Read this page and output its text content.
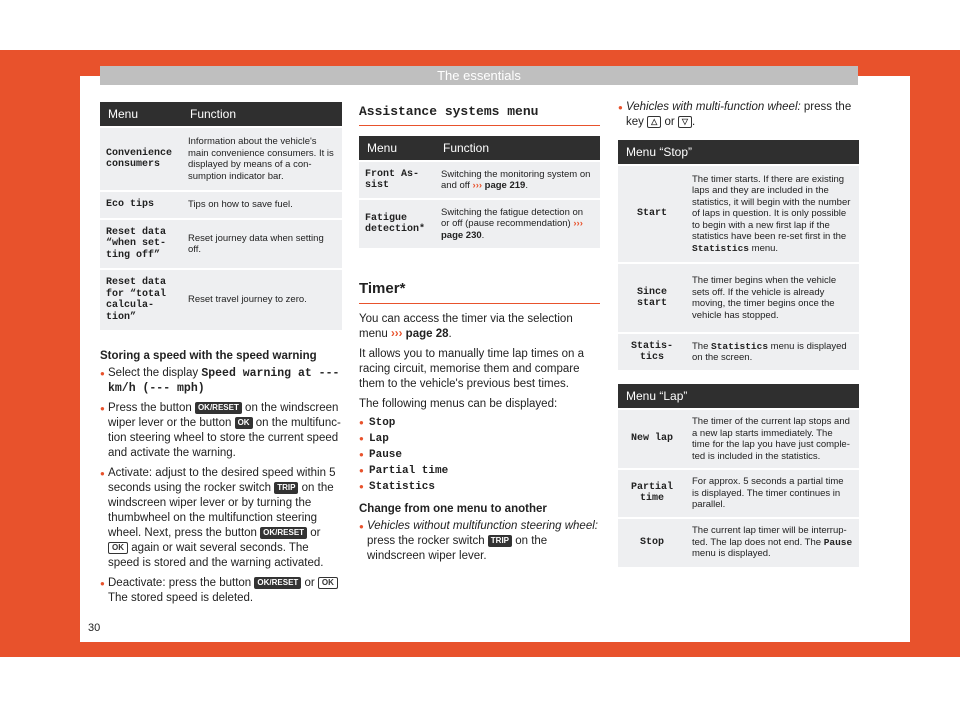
The essentials
Menu	Function
Convenience consumers	Information about the vehicle's main convenience consumers. It is displayed by means of a con-sumption indicator bar.
Eco tips	Tips on how to save fuel.
Reset data “when set-ting off”	Reset journey data when setting off.
Reset data for “total calcula-tion”	Reset travel journey to zero.
Storing a speed with the speed warning
● Select the display Speed warning at --- km/h (--- mph)
● Press the button OK/RESET on the windscreen wiper lever or the button OK on the multifunc-tion steering wheel to store the current speed and activate the warning.
● Activate: adjust to the desired speed within 5 seconds using the rocker switch TRIP on the windscreen wiper lever or by turning the thumbwheel on the multifunction steering wheel. Next, press the button OK/RESET or OK again or wait several seconds. The speed is stored and the warning activated.
● Deactivate: press the button OK/RESET or OK
The stored speed is deleted.
Assistance systems menu
Menu	Function
Front As-sist	Switching the monitoring system on and off ››› page 219.
Fatigue detection*	Switching the fatigue detection on or off (pause recommendation) ››› page 230.
Timer*

You can access the timer via the selection menu ››› page 28.

It allows you to manually time lap times on a racing circuit, memorise them and compare them to the vehicle's previous best times.

The following menus can be displayed:

● Stop
● Lap
● Pause
● Partial time
● Statistics
Change from one menu to another
● Vehicles without multifunction steering wheel: press the rocker switch TRIP on the windscreen wiper lever.
● Vehicles with multi-function wheel: press the key △ or ▽ .
Menu “Stop”	
Start	The timer starts. If there are existing laps and they are included in the statistics, it will begin with the number of laps in question. It is only possible to begin with a new first lap if the statistics have been re-set first in the Statistics menu.
Since start	The timer begins when the vehicle sets off. If the vehicle is already moving, the timer begins once the vehicle has stopped.
Statis-tics	The Statistics menu is displayed on the screen.
Menu “Lap”	
New lap	The timer of the current lap stops and a new lap starts immediately. The time for the lap you have just comple-ted is included in the statistics.
Partial time	For approx. 5 seconds a partial time is displayed. The timer continues in parallel.
Stop	The current lap timer will be interrup-ted. The lap does not end. The Pause menu is displayed.
30
